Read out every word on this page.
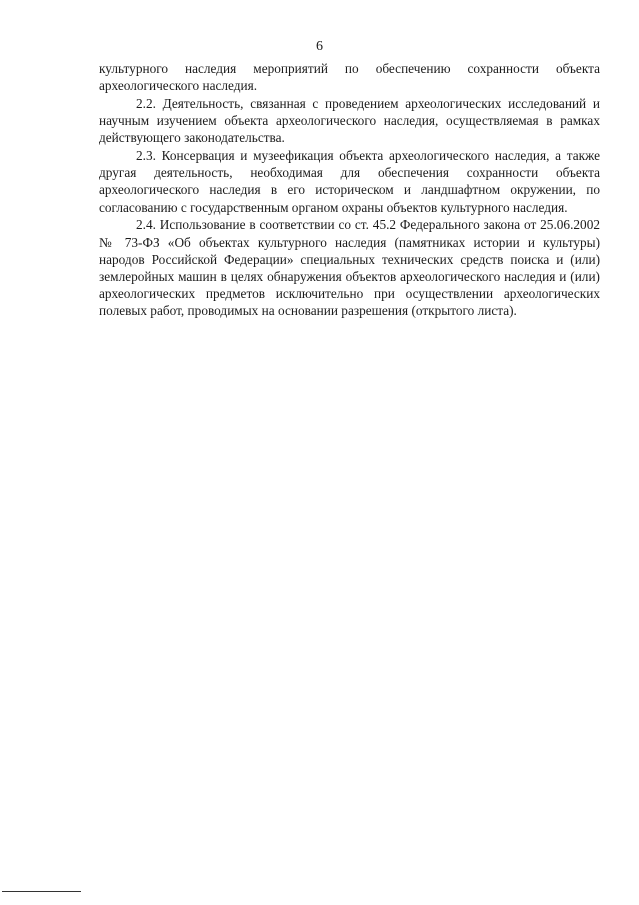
6

культурного наследия мероприятий по обеспечению сохранности объекта археологического наследия.

2.2. Деятельность, связанная с проведением археологических исследований и научным изучением объекта археологического наследия, осуществляемая в рамках действующего законодательства.

2.3. Консервация и музеефикация объекта археологического наследия, а также другая деятельность, необходимая для обеспечения сохранности объекта археологического наследия в его историческом и ландшафтном окружении, по согласованию с государственным органом охраны объектов культурного наследия.

2.4. Использование в соответствии со ст. 45.2 Федерального закона от 25.06.2002 № 73-ФЗ «Об объектах культурного наследия (памятниках истории и культуры) народов Российской Федерации» специальных технических средств поиска и (или) землеройных машин в целях обнаружения объектов археологического наследия и (или) археологических предметов исключительно при осуществлении археологических полевых работ, проводимых на основании разрешения (открытого листа).
